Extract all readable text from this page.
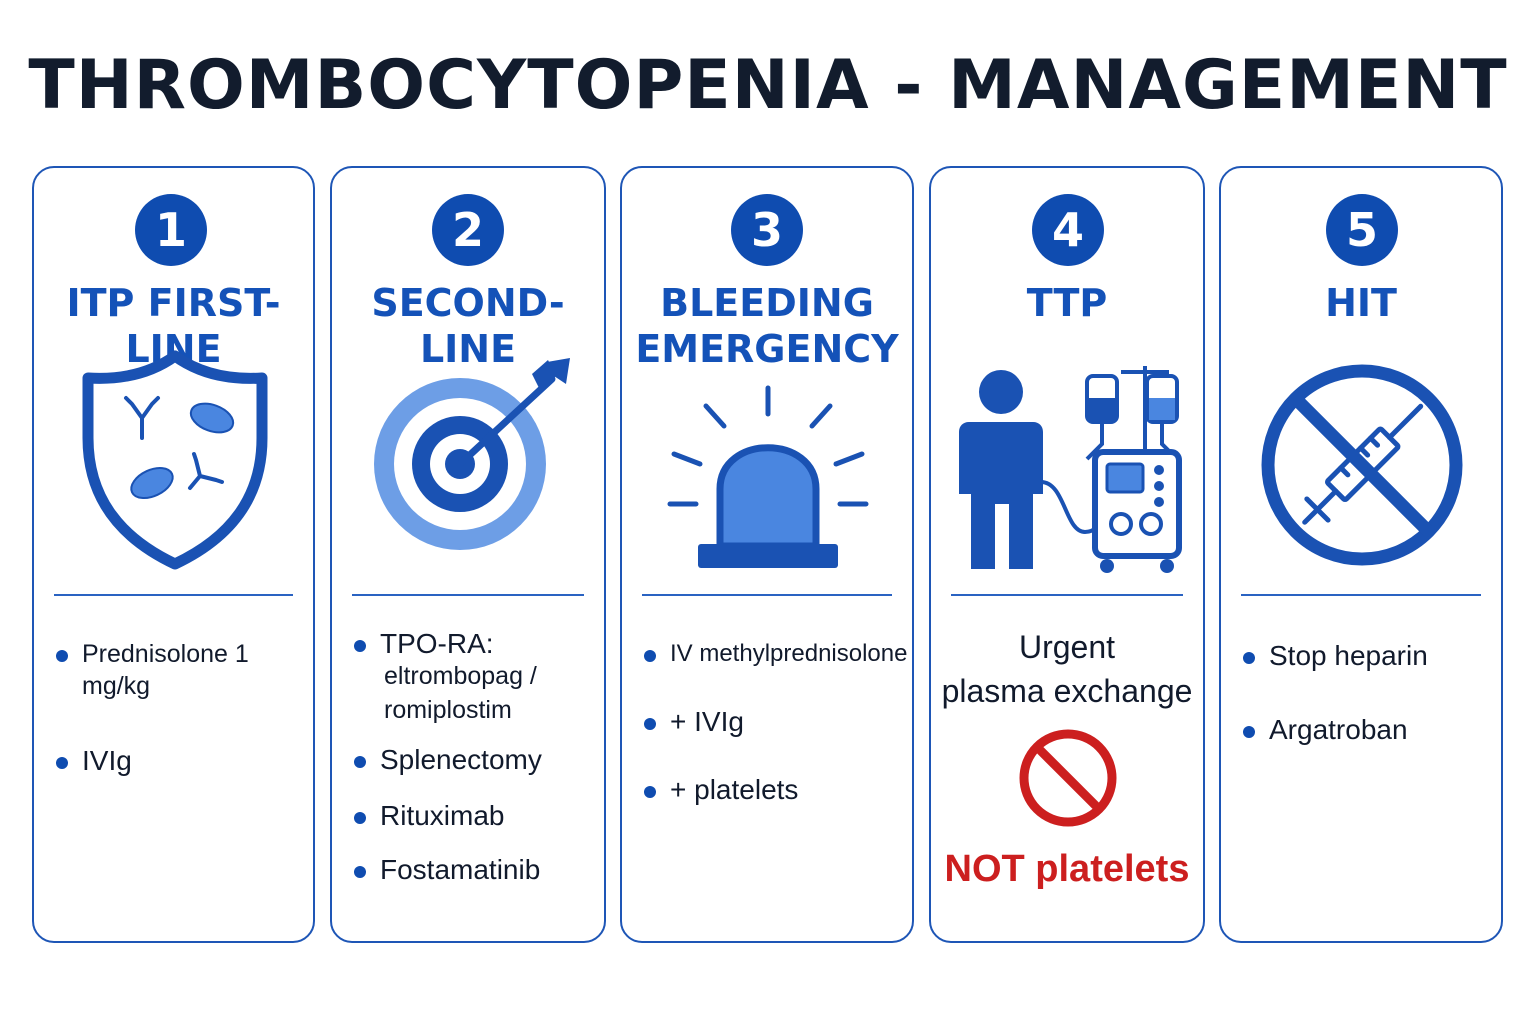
THROMBOCYTOPENIA - MANAGEMENT
1
ITP FIRST-LINE
Prednisolone 1 mg/kg
IVIg
2
SECOND-LINE
TPO-RA:
eltrombopag /
romiplostim
Splenectomy
Rituximab
Fostamatinib
3
BLEEDING
EMERGENCY
IV methylprednisolone
+ IVIg
+ platelets
4
TTP
Urgent
plasma exchange
NOT platelets
5
HIT
Stop heparin
Argatroban
